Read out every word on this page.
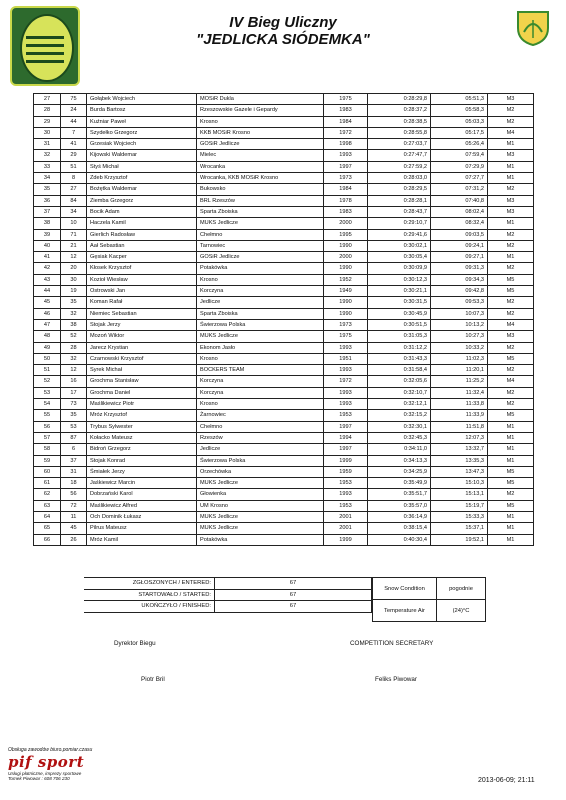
IV Bieg Uliczny
"JEDLICKA SIÓDEMKA"
27	75	Gołąbek Wojciech	MOSiR Dukla	1975	0:28:29,8	05:51,3	M3
28	24	Burda Bartosz	Rzeszowskie Gazele i Gepardy	1983	0:28:37,2	05:58,3	M2
29	44	Kuźniar Paweł	Krosno	1984	0:28:38,5	05:03,3	M2
30	7	Szydełko Grzegorz	KKB MOSiR Krosno	1972	0:28:55,8	05:17,5	M4
31	41	Grzesiak Wojciech	GOSiR Jedlicze	1998	0:27:03,7	05:26,4	M1
32	29	Kijowski Waldemar	Mielec	1993	0:27:47,7	07:59,4	M3
33	51	Styś Michał	Wrocanka	1997	0:27:59,2	07:29,9	M1
34	8	Zdeb Krzysztof	Wrocanka, KKB MOSiR Krosno	1973	0:28:03,0	07:27,7	M1
35	27	Bożętka Waldemar	Bukowsko	1984	0:28:29,5	07:31,2	M2
36	84	Ziemba Grzegorz	BRL Rzeszów	1978	0:28:28,1	07:40,8	M3
37	34	Bocik Adam	Sparta Zboiska	1983	0:28:43,7	08:02,4	M3
38	10	Haczela Kamil	MUKS Jedlicze	2000	0:29:10,7	08:32,4	M1
39	71	Gierlich Radosław	Chełmno	1995	0:29:41,6	09:03,5	M2
40	21	Aał Sebastian	Tarnowiec	1990	0:30:02,1	09:24,1	M2
41	12	Gęsiak Kacper	GOSiR Jedlicze	2000	0:30:05,4	09:27,1	M1
42	20	Kłosek Krzysztof	Potakówka	1990	0:30:09,9	09:31,3	M2
43	30	Kozioł Wiesław	Krosno	1952	0:30:12,3	09:34,3	M5
44	19	Ostrowski Jan	Korczyna	1949	0:30:21,1	09:42,8	M5
45	35	Koman Rafał	Jedlicze	1990	0:30:31,5	09:53,3	M2
46	32	Niemiec Sebastian	Sparta Zboiska	1990	0:30:45,9	10:07,3	M2
47	38	Stojak Jerzy	Świerzowa Polska	1973	0:30:51,5	10:13,2	M4
48	52	Mozoń Wiktor	MUKS Jedlicze	1975	0:31:05,3	10:27,3	M3
49	28	Jarecz Krystian	Ekonom Jasło	1993	0:31:12,2	10:33,2	M2
50	32	Czarnowski Krzysztof	Krosno	1951	0:31:43,3	11:02,3	M5
51	12	Syrek Michał	BOCKERS TEAM	1993	0:31:58,4	11:20,1	M2
52	16	Grochma Stanisław	Korczyna	1972	0:32:05,6	11:25,2	M4
53	17	Grochma Daniel	Korczyna	1993	0:32:10,7	11:32,4	M2
54	73	Maślikiewicz Piotr	Krosno	1993	0:32:12,1	11:33,8	M2
55	35	Mróz Krzysztof	Żarnowiec	1953	0:32:15,2	11:33,9	M5
56	53	Trybus Sylwester	Chełmno	1997	0:32:30,1	11:51,8	M1
57	87	Kołacko Mateusz	Rzeszów	1994	0:32:45,3	12:07,3	M1
58	6	Bidroń Grzegorz	Jedlicze	1997	0:34:11,0	13:32,7	M1
59	37	Stojak Konrad	Świerzowa Polska	1999	0:34:13,3	13:35,3	M1
60	31	Śmiałek Jerzy	Orzechówka	1959	0:34:25,9	13:47,3	M5
61	18	Jaśkiewicz Marcin	MUKS Jedlicze	1953	0:35:49,9	15:10,3	M5
62	56	Dobrzański Karol	Głowienka	1993	0:35:51,7	15:13,1	M2
63	72	Maślikiewicz Alfred	UM Krosno	1953	0:35:57,0	15:19,7	M5
64	11	Och Dominik Łukasz	MUKS Jedlicze	2001	0:36:14,9	15:33,3	M1
65	45	Pilrus Mateusz	MUKS Jedlicze	2001	0:38:15,4	15:37,1	M1
66	26	Mróz Kamil	Potakówka	1999	0:40:30,4	19:52,1	M1
ZGŁOSZONYCH / ENTERED:	67
STARTOWAŁO / STARTED:	67
UKOŃCZYŁO / FINISHED:	67
Snow Condition	pogodnie
Temperature Air	(24)°C
Dyrektor Biegu
Piotr Bril
COMPETITION SECRETARY
Feliks Piwowar
Obsługa zawodów biuro.pomiar.czasu
pif sport
Usługi płatniczne, imprezy sportowe
Tomek Piwowar : 608 706 230	2013-06-09; 21:11
